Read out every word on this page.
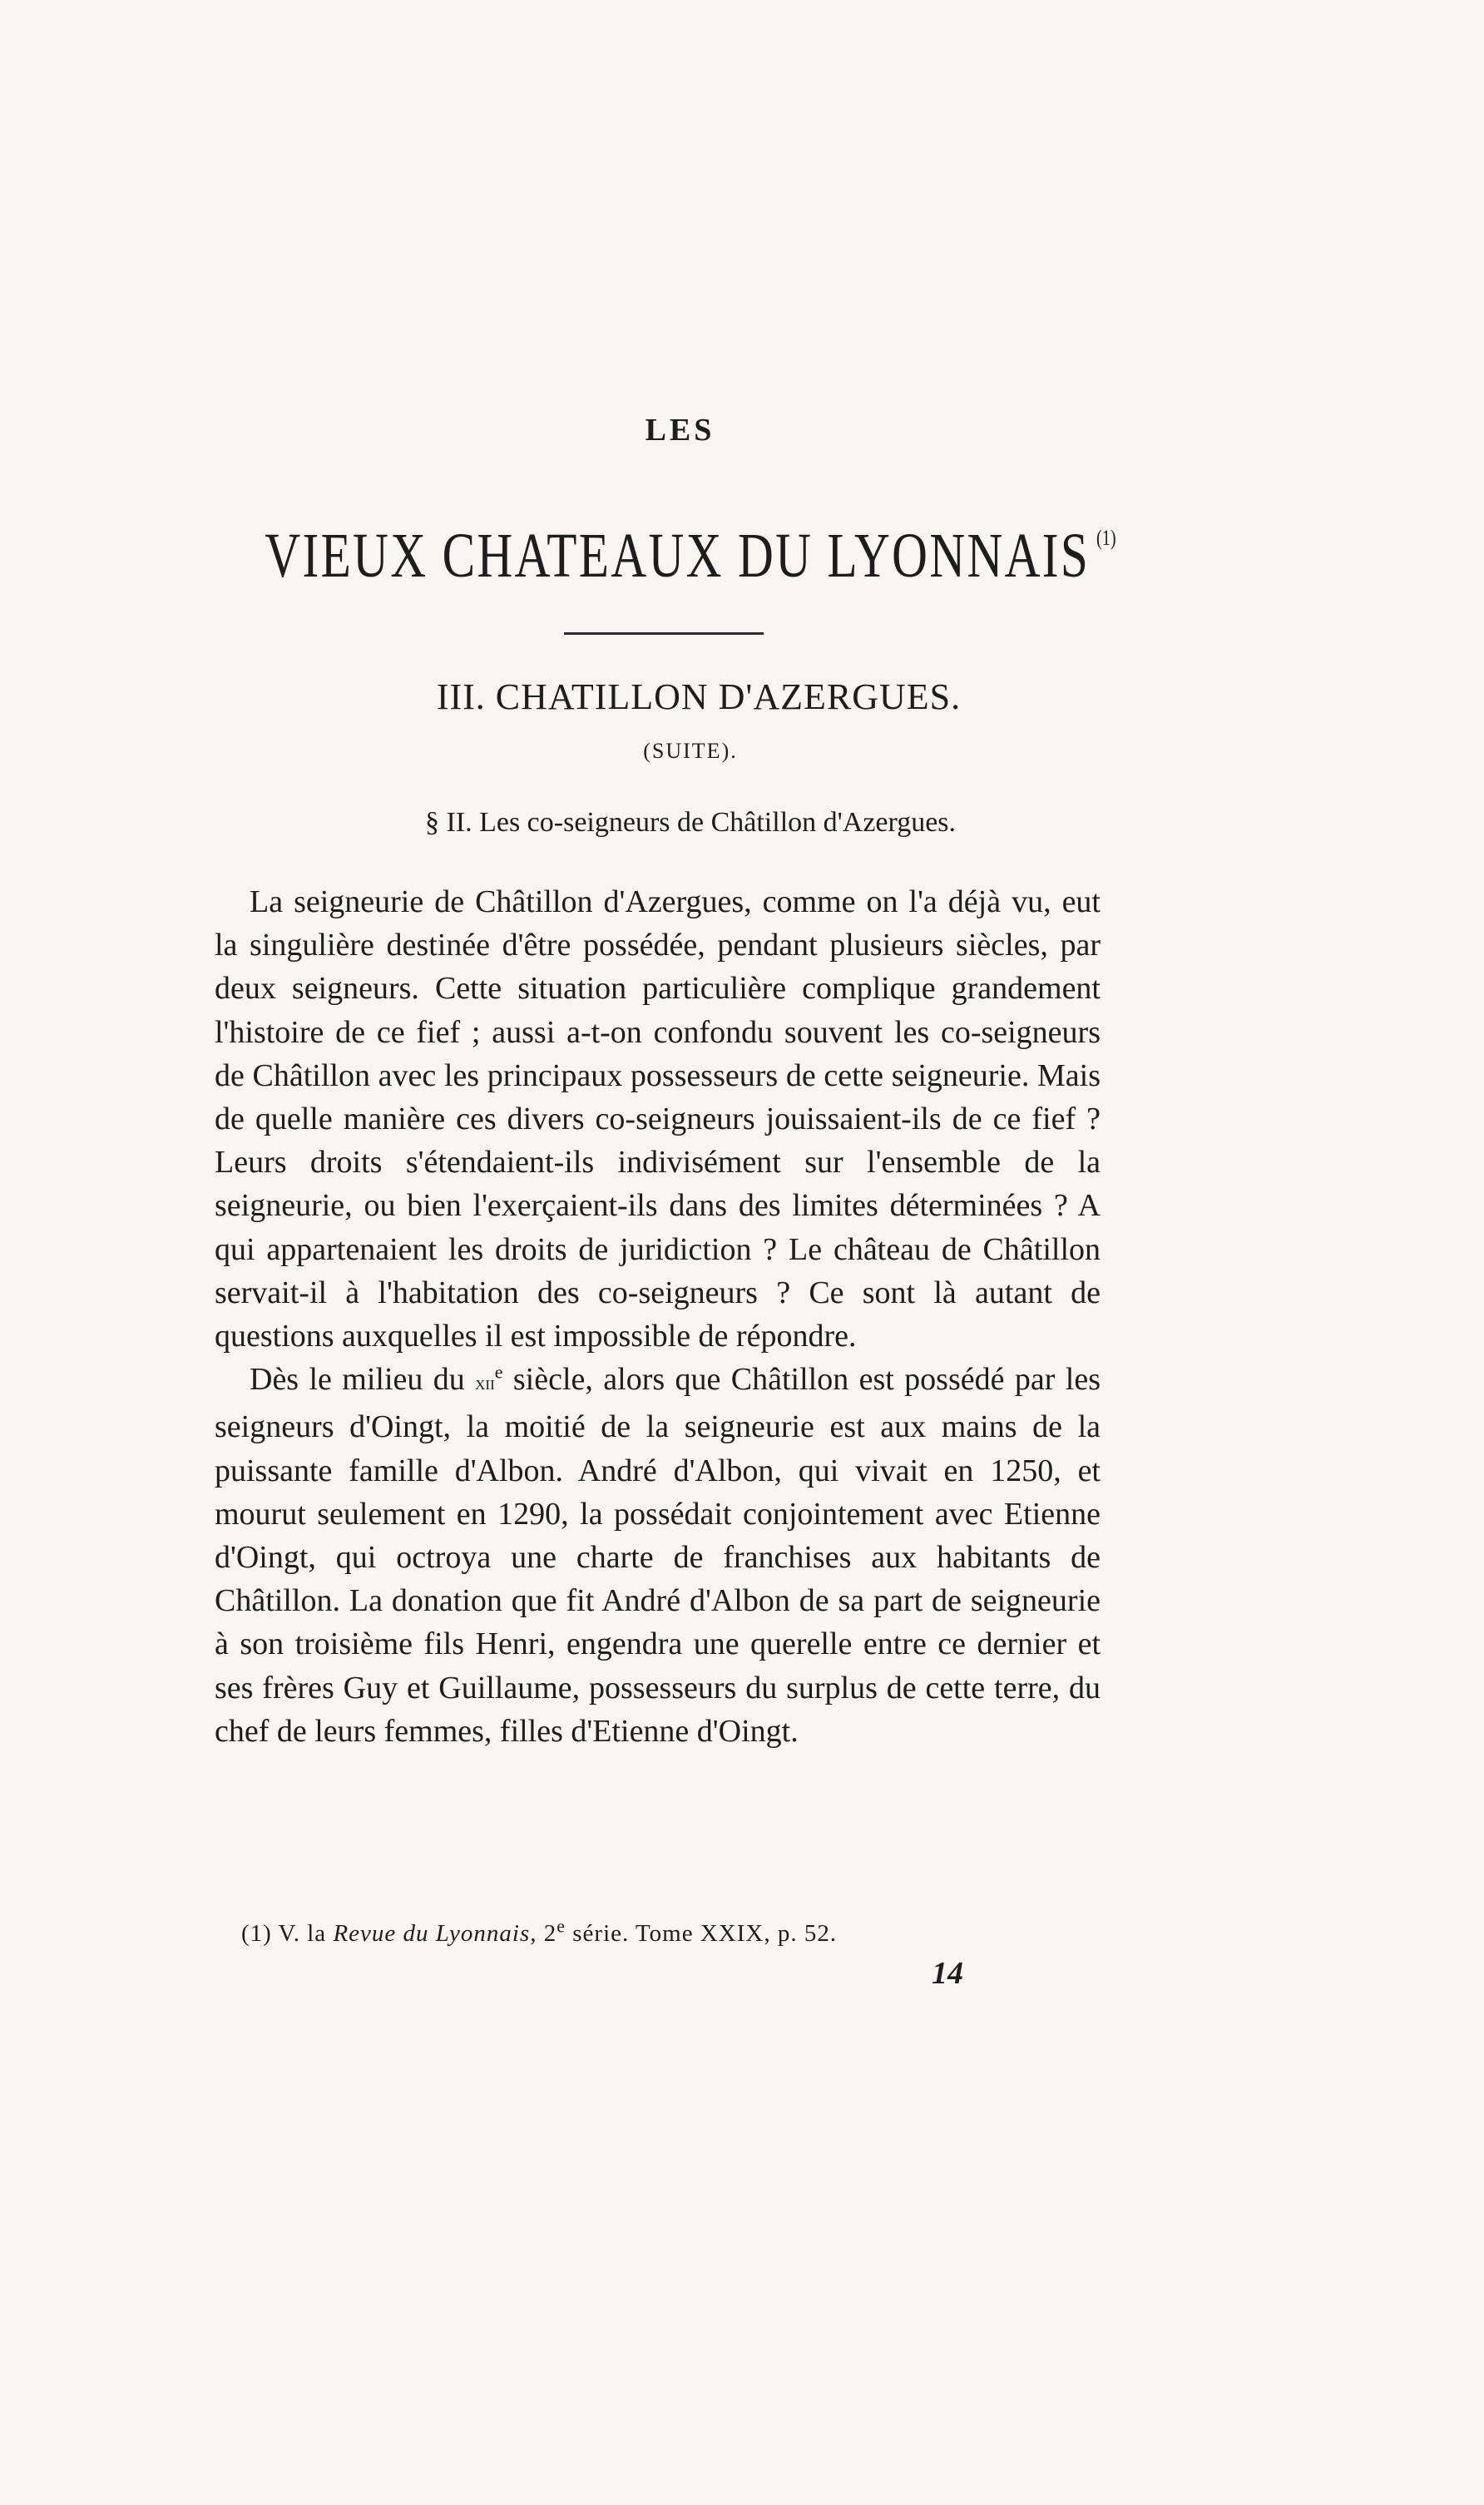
LES
VIEUX CHATEAUX DU LYONNAIS $^{(1)}$
III. CHATILLON D'AZERGUES.
(SUITE).
§ II. Les co-seigneurs de Châtillon d'Azergues.

La seigneurie de Châtillon d'Azergues, comme on l'a déjà vu, eut la singulière destinée d'être possédée, pendant plusieurs siècles, par deux seigneurs. Cette situation particulière complique grandement l'histoire de ce fief ; aussi a-t-on confondu souvent les co-seigneurs de Châtillon avec les principaux possesseurs de cette seigneurie. Mais de quelle manière ces divers co-seigneurs jouissaient-ils de ce fief ? Leurs droits s'étendaient-ils indivisément sur l'ensemble de la seigneurie, ou bien l'exerçaient-ils dans des limites déterminées ? A qui appartenaient les droits de juridiction ? Le château de Châtillon servait-il à l'habitation des co-seigneurs ? Ce sont là autant de questions auxquelles il est impossible de répondre.

Dès le milieu du xii$^e$ siècle, alors que Châtillon est possédé par les seigneurs d'Oingt, la moitié de la seigneurie est aux mains de la puissante famille d'Albon. André d'Albon, qui vivait en 1250, et mourut seulement en 1290, la possédait conjointement avec Etienne d'Oingt, qui octroya une charte de franchises aux habitants de Châtillon. La donation que fit André d'Albon de sa part de seigneurie à son troisième fils Henri, engendra une querelle entre ce dernier et ses frères Guy et Guillaume, possesseurs du surplus de cette terre, du chef de leurs femmes, filles d'Etienne d'Oingt.

(1) V. la Revue du Lyonnais, 2e série. Tome XXIX, p. 52.
14
